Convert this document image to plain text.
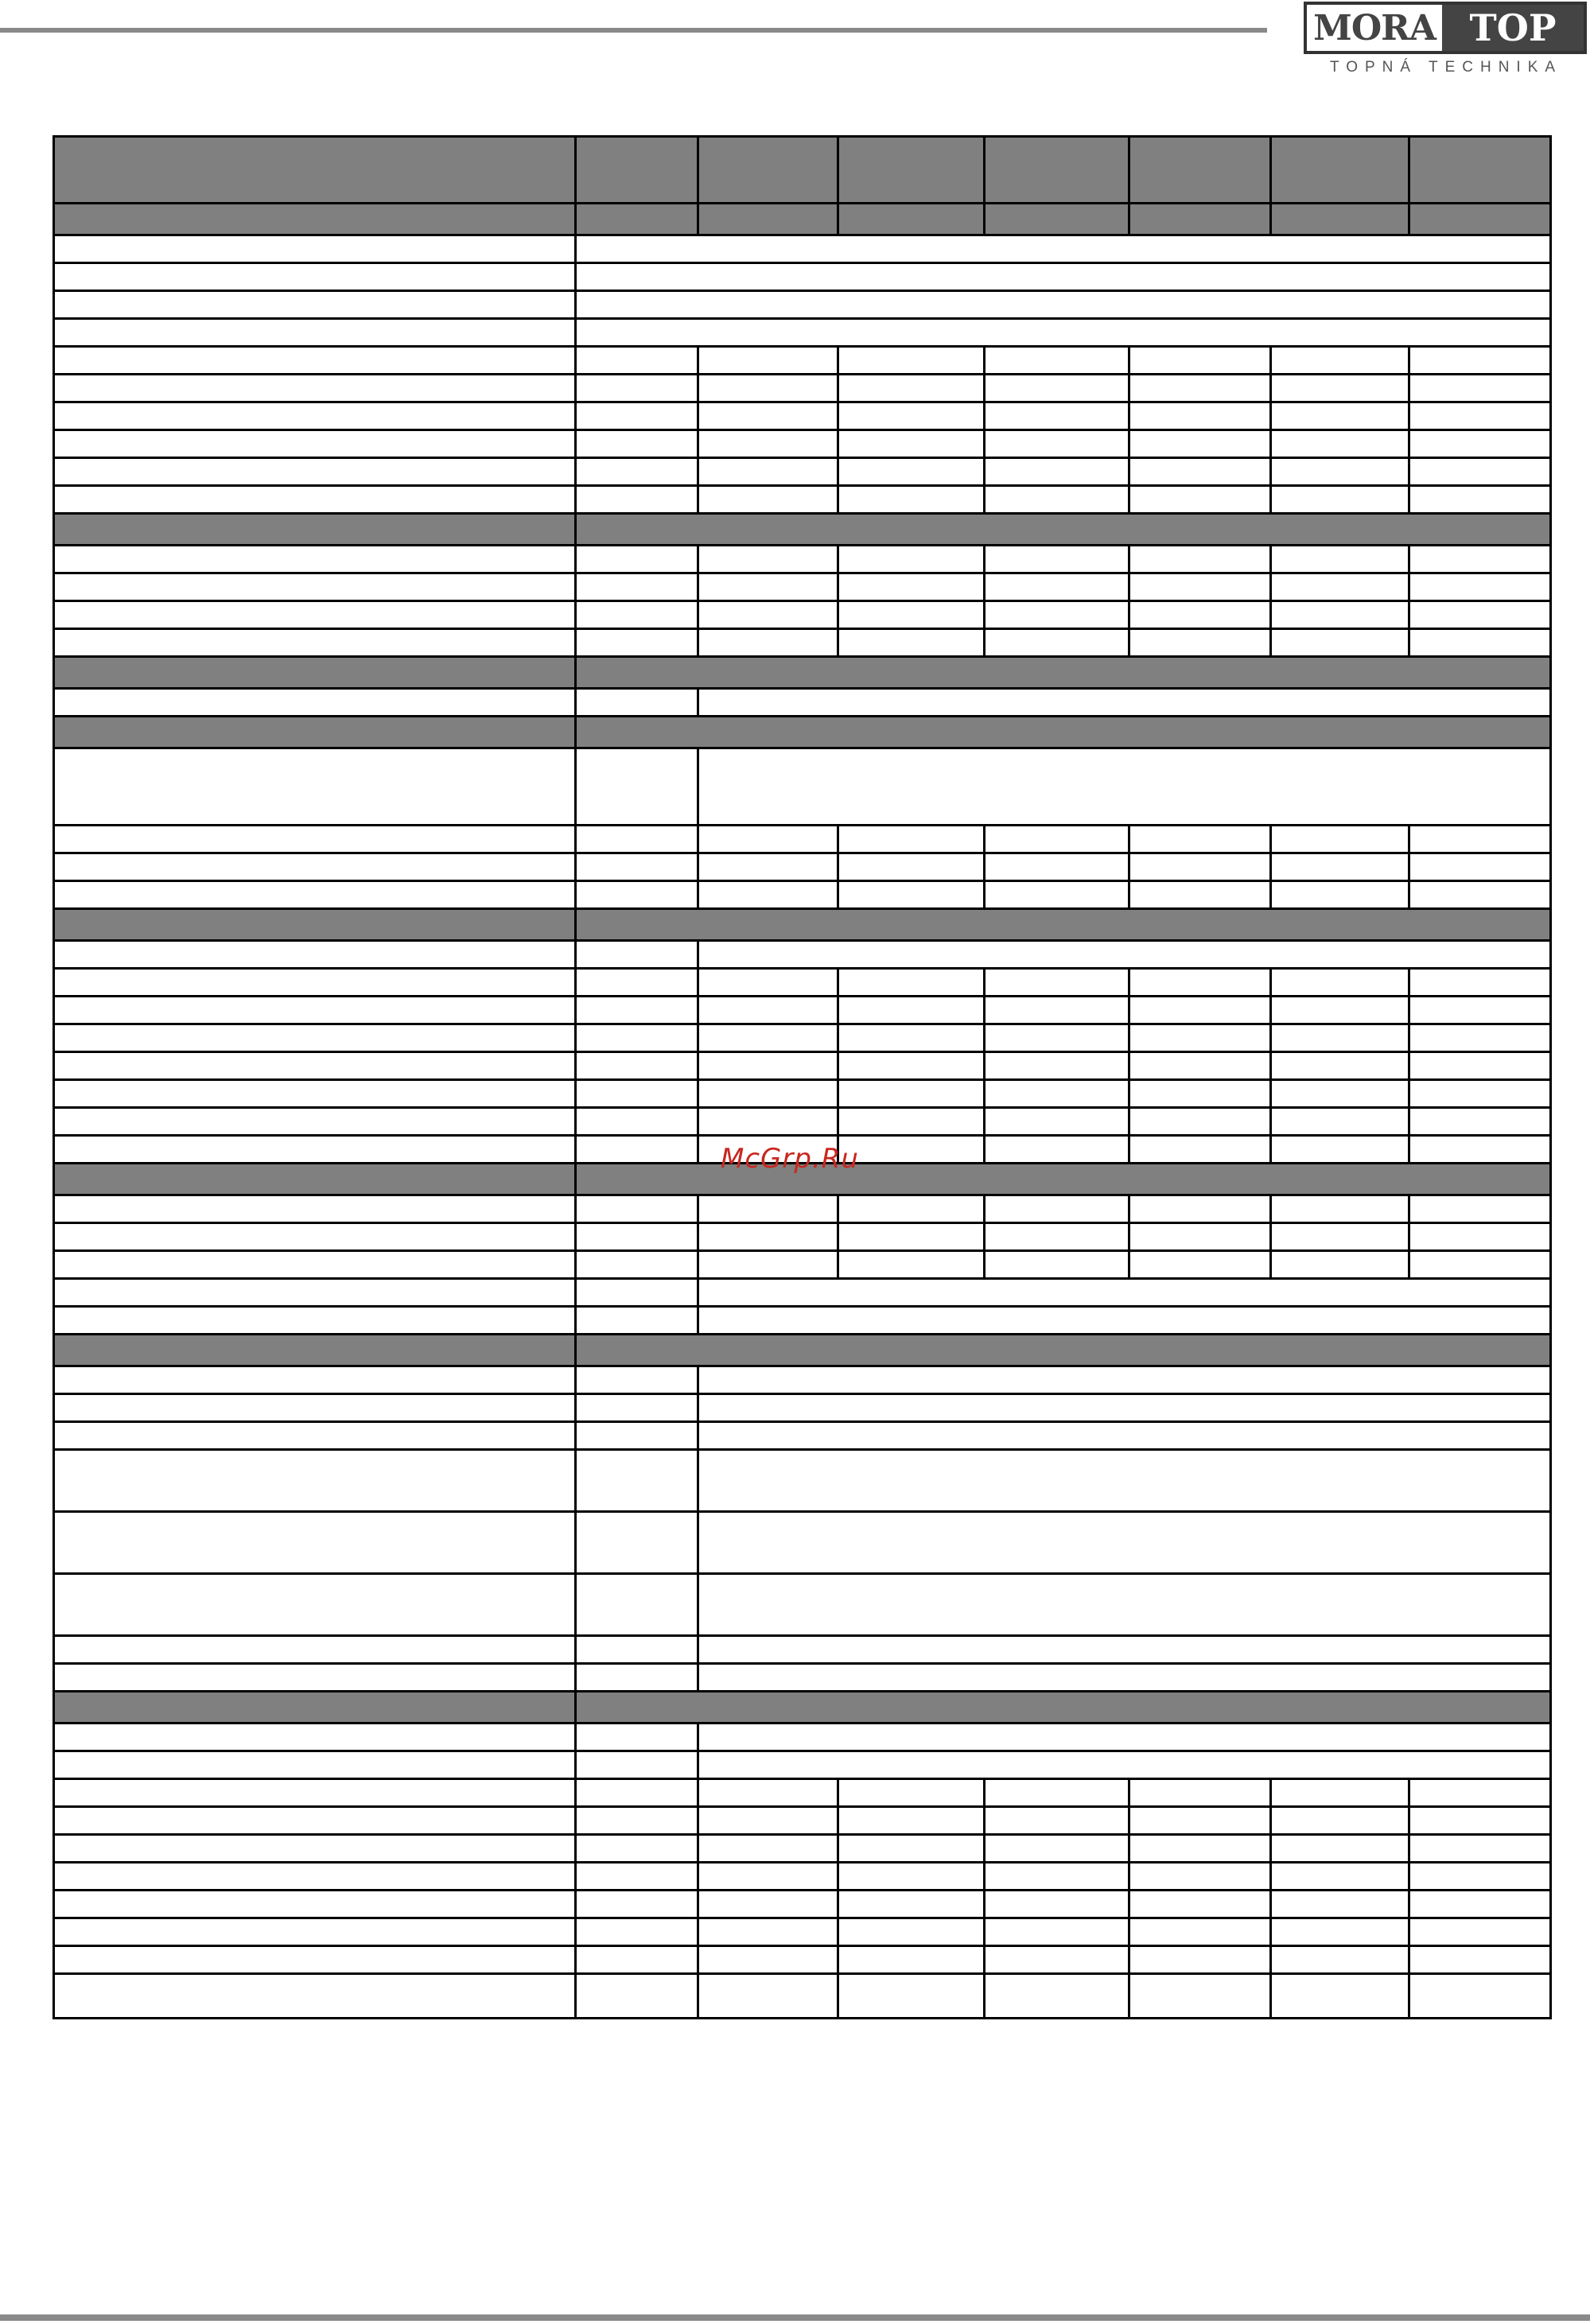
MORA TOP
TOPNÁ TECHNIKA

McGrp.Ru
